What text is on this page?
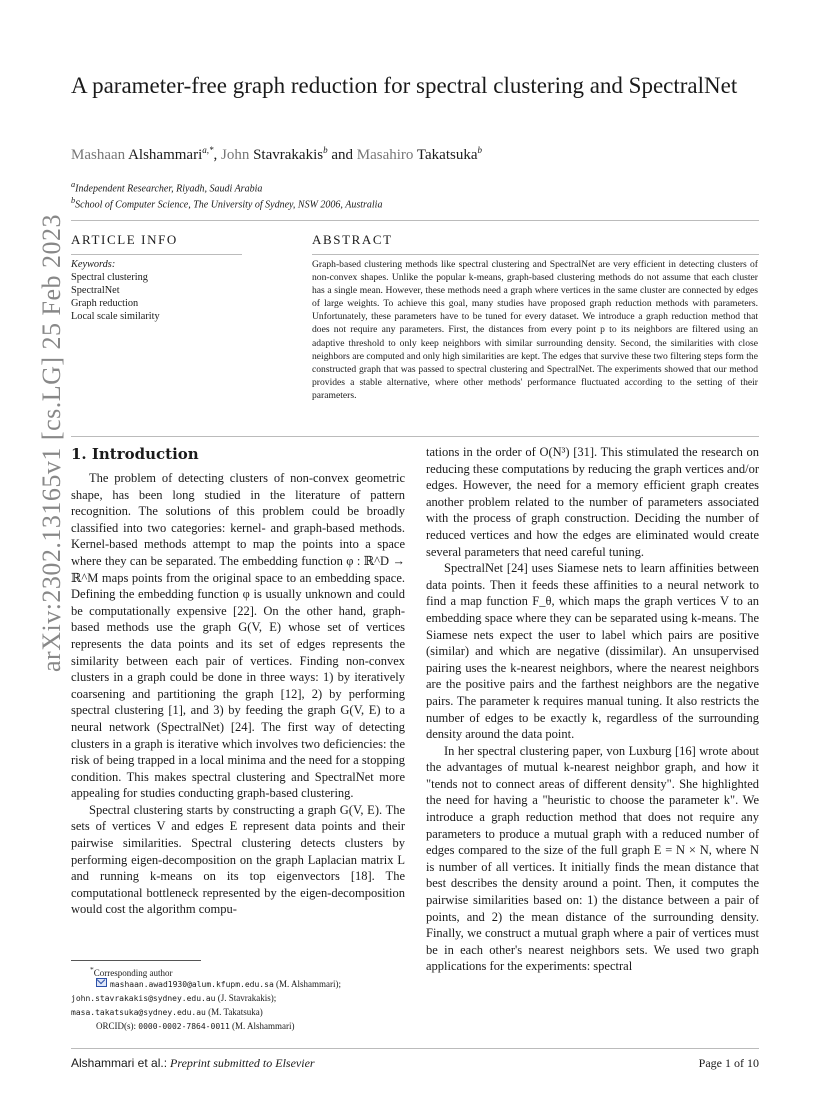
arXiv:2302.13165v1 [cs.LG] 25 Feb 2023
A parameter-free graph reduction for spectral clustering and SpectralNet
Mashaan Alshammari$^{a,*}$, John Stavrakakis$^b$ and Masahiro Takatsuka$^b$
$^a$Independent Researcher, Riyadh, Saudi Arabia
$^b$School of Computer Science, The University of Sydney, NSW 2006, Australia
ARTICLE INFO
Keywords:
Spectral clustering
SpectralNet
Graph reduction
Local scale similarity
ABSTRACT
Graph-based clustering methods like spectral clustering and SpectralNet are very efficient in detecting clusters of non-convex shapes. Unlike the popular k-means, graph-based clustering methods do not assume that each cluster has a single mean. However, these methods need a graph where vertices in the same cluster are connected by edges of large weights. To achieve this goal, many studies have proposed graph reduction methods with parameters. Unfortunately, these parameters have to be tuned for every dataset. We introduce a graph reduction method that does not require any parameters. First, the distances from every point p to its neighbors are filtered using an adaptive threshold to only keep neighbors with similar surrounding density. Second, the similarities with close neighbors are computed and only high similarities are kept. The edges that survive these two filtering steps form the constructed graph that was passed to spectral clustering and SpectralNet. The experiments showed that our method provides a stable alternative, where other methods' performance fluctuated according to the setting of their parameters.
1. Introduction

The problem of detecting clusters of non-convex geometric shape, has been long studied in the literature of pattern recognition. The solutions of this problem could be broadly classified into two categories: kernel- and graph-based methods. Kernel-based methods attempt to map the points into a space where they can be separated. The embedding function φ : ℝ^D → ℝ^M maps points from the original space to an embedding space. Defining the embedding function φ is usually unknown and could be computationally expensive [22]. On the other hand, graph-based methods use the graph G(V, E) whose set of vertices represents the data points and its set of edges represents the similarity between each pair of vertices. Finding non-convex clusters in a graph could be done in three ways: 1) by iteratively coarsening and partitioning the graph [12], 2) by performing spectral clustering [1], and 3) by feeding the graph G(V, E) to a neural network (SpectralNet) [24]. The first way of detecting clusters in a graph is iterative which involves two deficiencies: the risk of being trapped in a local minima and the need for a stopping condition. This makes spectral clustering and SpectralNet more appealing for studies conducting graph-based clustering.

Spectral clustering starts by constructing a graph G(V, E). The sets of vertices V and edges E represent data points and their pairwise similarities. Spectral clustering detects clusters by performing eigen-decomposition on the graph Laplacian matrix L and running k-means on its top eigenvectors [18]. The computational bottleneck represented by the eigen-decomposition would cost the algorithm compu-

tations in the order of O(N³) [31]. This stimulated the research on reducing these computations by reducing the graph vertices and/or edges. However, the need for a memory efficient graph creates another problem related to the number of parameters associated with the process of graph construction. Deciding the number of reduced vertices and how the edges are eliminated would create several parameters that need careful tuning.

SpectralNet [24] uses Siamese nets to learn affinities between data points. Then it feeds these affinities to a neural network to find a map function F_θ, which maps the graph vertices V to an embedding space where they can be separated using k-means. The Siamese nets expect the user to label which pairs are positive (similar) and which are negative (dissimilar). An unsupervised pairing uses the k-nearest neighbors, where the nearest neighbors are the positive pairs and the farthest neighbors are the negative pairs. The parameter k requires manual tuning. It also restricts the number of edges to be exactly k, regardless of the surrounding density around the data point.

In her spectral clustering paper, von Luxburg [16] wrote about the advantages of mutual k-nearest neighbor graph, and how it "tends not to connect areas of different density". She highlighted the need for having a "heuristic to choose the parameter k". We introduce a graph reduction method that does not require any parameters to produce a mutual graph with a reduced number of edges compared to the size of the full graph E = N × N, where N is number of all vertices. It initially finds the mean distance that best describes the density around a point. Then, it computes the pairwise similarities based on: 1) the distance between a pair of points, and 2) the mean distance of the surrounding density. Finally, we construct a mutual graph where a pair of vertices must be in each other's nearest neighbors sets. We used two graph applications for the experiments: spectral

*Corresponding author
mashaan.awad1930@alum.kfupm.edu.sa (M. Alshammari);
john.stavrakakis@sydney.edu.au (J. Stavrakakis);
masa.takatsuka@sydney.edu.au (M. Takatsuka)
ORCID(s): 0000-0002-7864-0011 (M. Alshammari)
Alshammari et al.: Preprint submitted to Elsevier	Page 1 of 10
